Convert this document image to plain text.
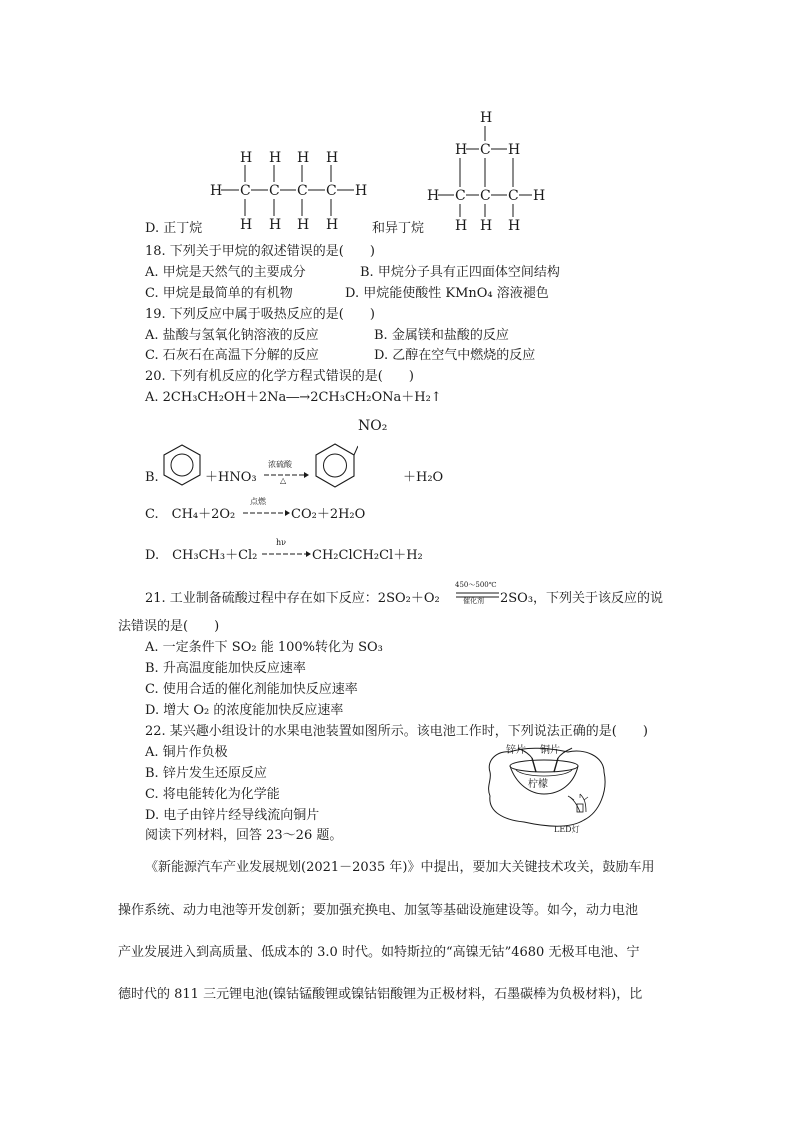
D. 正丁烷
H H H H
H C C C C H
H H H H	和异丁烷
H
H C H
H C C C H
H H H
18. 下列关于甲烷的叙述错误的是(　　)
A. 甲烷是天然气的主要成分	B. 甲烷分子具有正四面体空间结构
C. 甲烷是最简单的有机物	D. 甲烷能使酸性 KMnO₄ 溶液褪色
19. 下列反应中属于吸热反应的是(　　)
A. 盐酸与氢氧化钠溶液的反应	B. 金属镁和盐酸的反应
C. 石灰石在高温下分解的反应	D. 乙醇在空气中燃烧的反应
20. 下列有机反应的化学方程式错误的是(　　)
A. 2CH₃CH₂OH＋2Na―→2CH₃CH₂ONa＋H₂↑
B.	＋HNO₃
浓硫酸
△
NO₂
＋H₂O
C.　CH₄＋2O₂
点燃
→ CO₂＋2H₂O
D.　CH₃CH₃＋Cl₂
hν
→ CH₂ClCH₂Cl＋H₂
21. 工业制备硫酸过程中存在如下反应：2SO₂＋O₂
450～500℃
催化剂 2SO₃，下列关于该反应的说
法错误的是(　　)
A. 一定条件下 SO₂ 能 100%转化为 SO₃
B. 升高温度能加快反应速率
C. 使用合适的催化剂能加快反应速率
D. 增大 O₂ 的浓度能加快反应速率
22. 某兴趣小组设计的水果电池装置如图所示。该电池工作时，下列说法正确的是(　　)
A. 铜片作负极
B. 锌片发生还原反应
C. 将电能转化为化学能
D. 电子由锌片经导线流向铜片
锌片 铜片
柠檬
LED灯
阅读下列材料，回答 23～26 题。
《新能源汽车产业发展规划(2021－2035 年)》中提出，要加大关键技术攻关，鼓励车用
操作系统、动力电池等开发创新；要加强充换电、加氢等基础设施建设等。如今，动力电池
产业发展进入到高质量、低成本的 3.0 时代。如特斯拉的“高镍无钴”4680 无极耳电池、宁
德时代的 811 三元锂电池(镍钴锰酸锂或镍钴铝酸锂为正极材料，石墨碳棒为负极材料)，比
